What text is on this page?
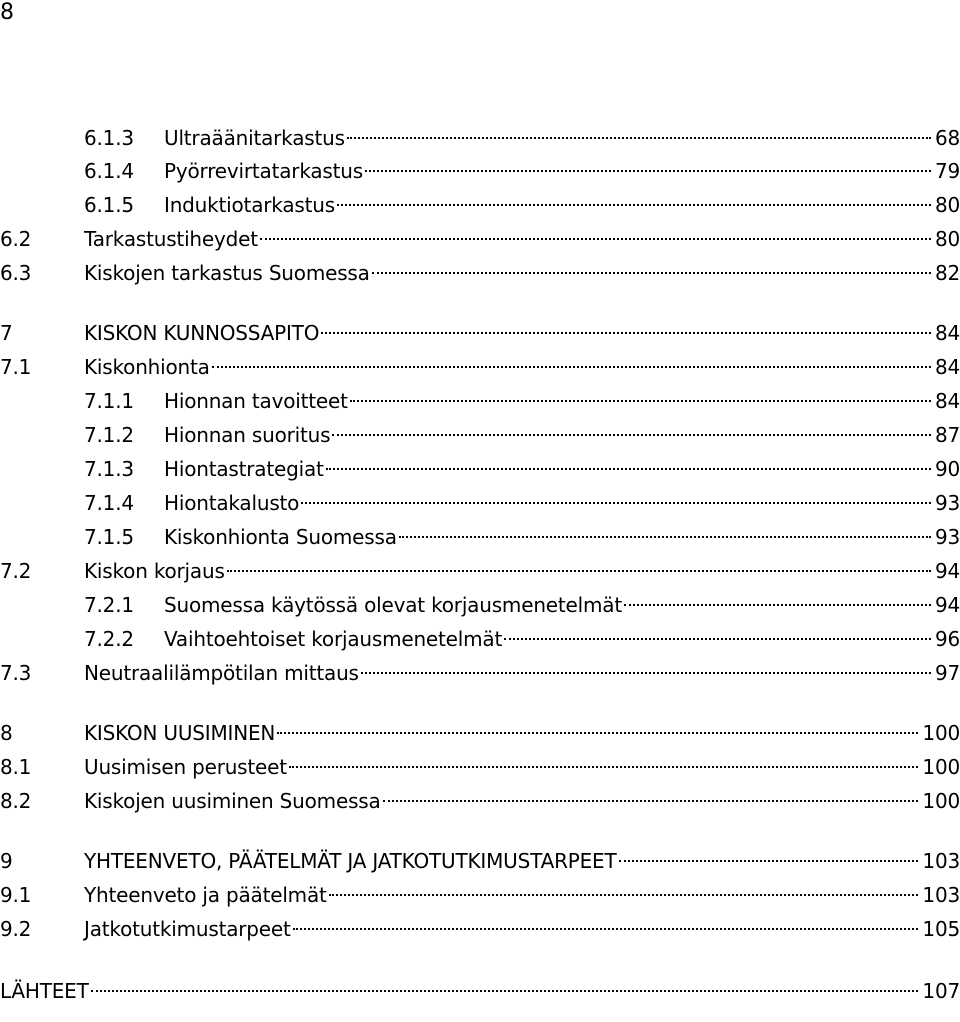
8
6.1.3	Ultraäänitarkastus	68
6.1.4	Pyörrevirtatarkastus	79
6.1.5	Induktiotarkastus	80
6.2	Tarkastustiheydet	80
6.3	Kiskojen tarkastus Suomessa	82
7	KISKON KUNNOSSAPITO	84
7.1	Kiskonhionta	84
7.1.1	Hionnan tavoitteet	84
7.1.2	Hionnan suoritus	87
7.1.3	Hiontastrategiat	90
7.1.4	Hiontakalusto	93
7.1.5	Kiskonhionta Suomessa	93
7.2	Kiskon korjaus	94
7.2.1	Suomessa käytössä olevat korjausmenetelmät	94
7.2.2	Vaihtoehtoiset korjausmenetelmät	96
7.3	Neutraalilämpötilan mittaus	97
8	KISKON UUSIMINEN	100
8.1	Uusimisen perusteet	100
8.2	Kiskojen uusiminen Suomessa	100
9	YHTEENVETO, PÄÄTELMÄT JA JATKOTUTKIMUSTARPEET	103
9.1	Yhteenveto ja päätelmät	103
9.2	Jatkotutkimustarpeet	105
LÄHTEET	107
